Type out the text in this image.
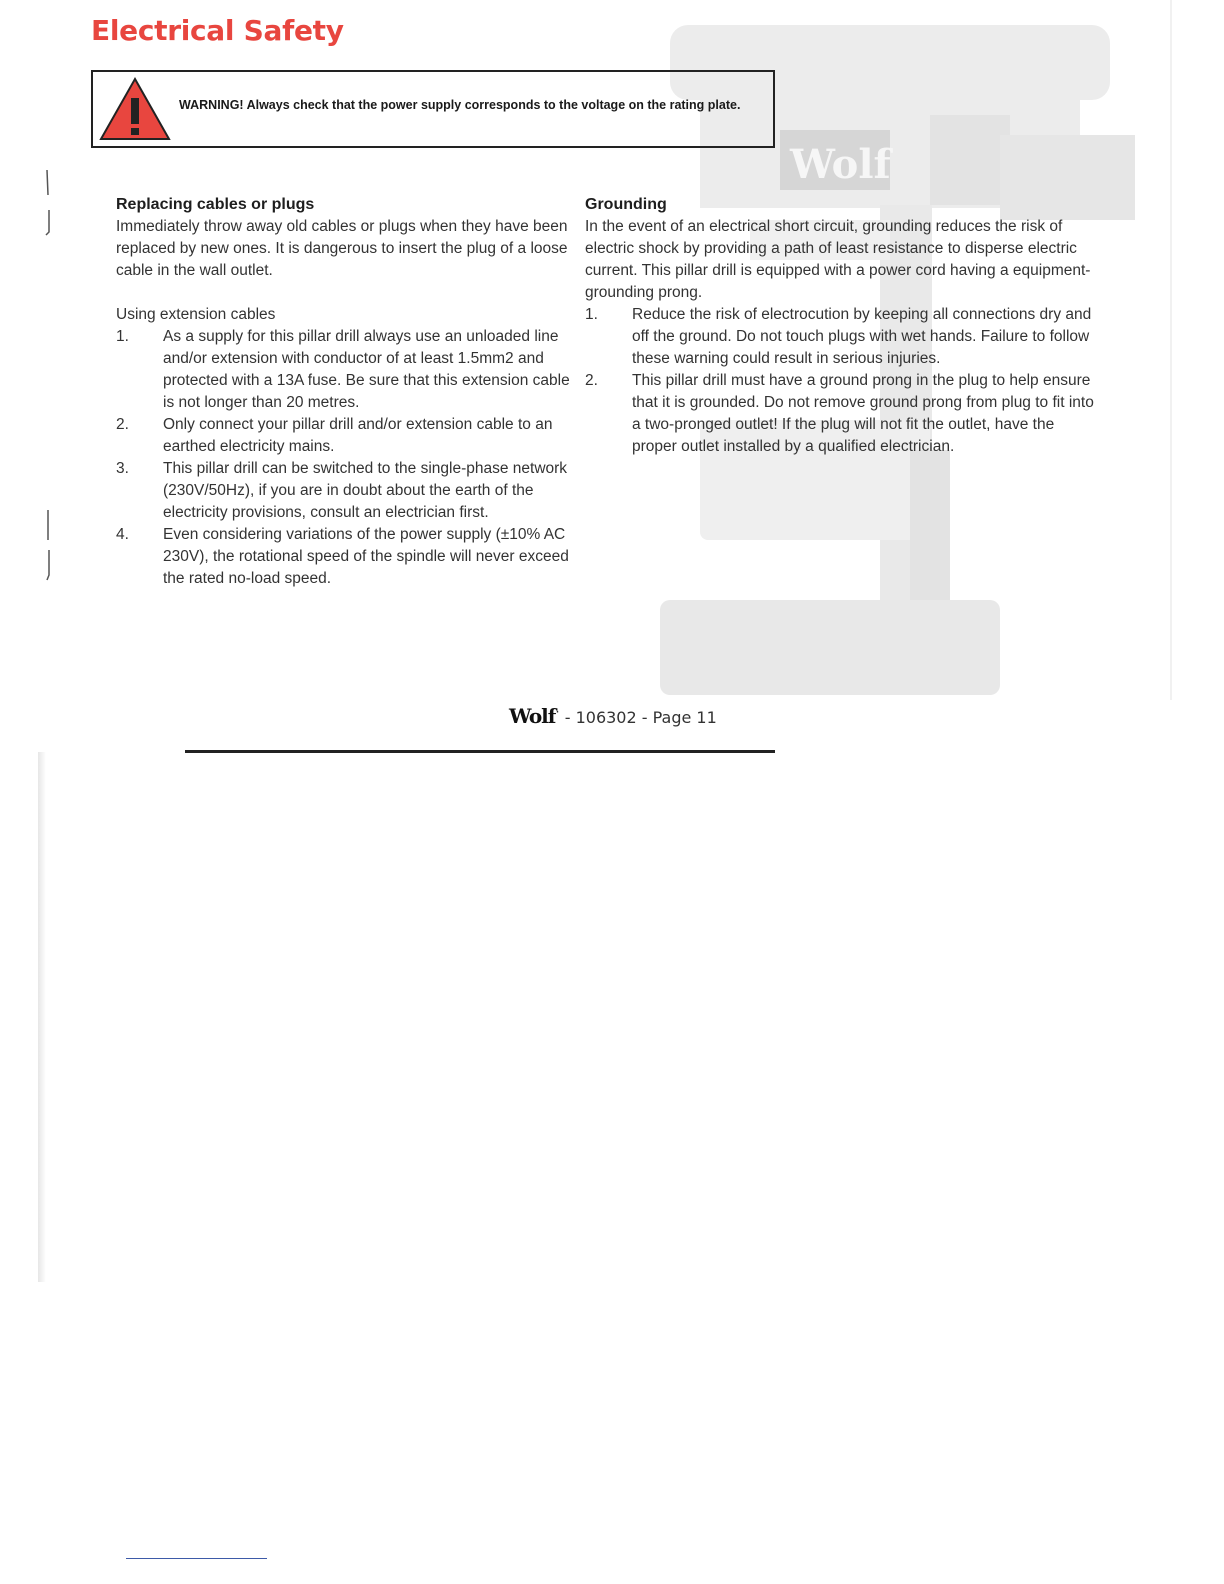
Wolf
Electrical Safety
WARNING! Always check that the power supply corresponds to the voltage on the rating plate.

Replacing cables or plugs

Immediately throw away old cables or plugs when they have been replaced by new ones. It is dangerous to insert the plug of a loose cable in the wall outlet.

Using extension cables

1. As a supply for this pillar drill always use an unloaded line and/or extension with conductor of at least 1.5mm2 and protected with a 13A fuse. Be sure that this extension cable is not longer than 20 metres.
2. Only connect your pillar drill and/or extension cable to an earthed electricity mains.
3. This pillar drill can be switched to the single-phase network (230V/50Hz), if you are in doubt about the earth of the electricity provisions, consult an electrician first.
4. Even considering variations of the power supply (±10% AC 230V), the rotational speed of the spindle will never exceed the rated no-load speed.

Grounding

In the event of an electrical short circuit, grounding reduces the risk of electric shock by providing a path of least resistance to disperse electric current. This pillar drill is equipped with a power cord having a equipment-grounding prong.

1. Reduce the risk of electrocution by keeping all connections dry and off the ground. Do not touch plugs with wet hands. Failure to follow these warning could result in serious injuries.
2. This pillar drill must have a ground prong in the plug to help ensure that it is grounded. Do not remove ground prong from plug to fit into a two-pronged outlet! If the plug will not fit the outlet, have the proper outlet installed by a qualified electrician.
Wolf· - 106302 - Page 11
